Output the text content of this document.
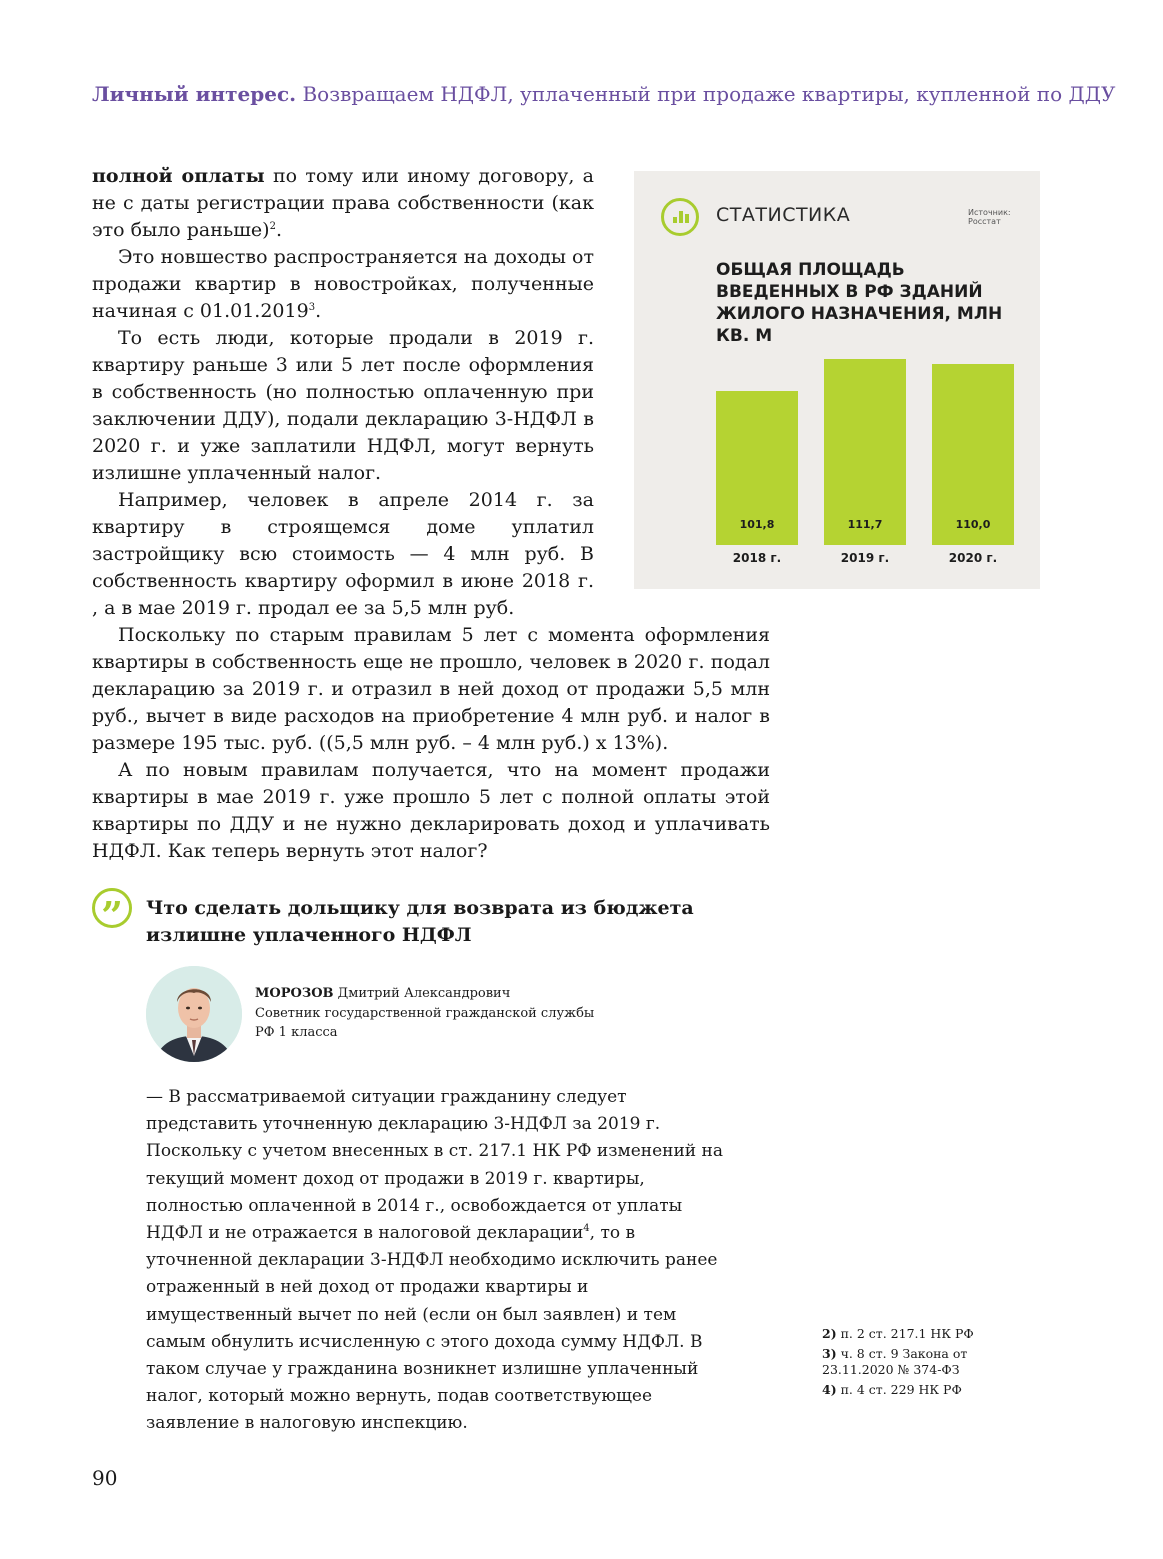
Личный интерес. Возвращаем НДФЛ, уплаченный при продаже квартиры, купленной по ДДУ

полной оплаты по тому или иному договору, а не с даты регистрации права собственности (как это было раньше)$^2$.

Это новшество распространяется на доходы от продажи квартир в новостройках, полученные начиная с 01.01.2019$^3$.

То есть люди, которые продали в 2019 г. квартиру раньше 3 или 5 лет после оформления в собственность (но полностью оплаченную при заключении ДДУ), подали декларацию 3-НДФЛ в 2020 г. и уже заплатили НДФЛ, могут вернуть излишне уплаченный налог.

Например, человек в апреле 2014 г. за квартиру в строящемся доме уплатил застройщику всю стоимость — 4 млн руб. В собственность квартиру оформил в июне 2018 г. , а в мае 2019 г. продал ее за 5,5 млн руб.

Поскольку по старым правилам 5 лет с момента оформления квартиры в собственность еще не прошло, человек в 2020 г. подал декларацию за 2019 г. и отразил в ней доход от продажи 5,5 млн руб., вычет в виде расходов на приобретение 4 млн руб. и налог в размере 195 тыс. руб. ((5,5 млн руб. – 4 млн руб.) х 13%).

А по новым правилам получается, что на момент продажи квартиры в мае 2019 г. уже прошло 5 лет с полной оплаты этой квартиры по ДДУ и не нужно декларировать доход и уплачивать НДФЛ. Как теперь вернуть этот налог?

СТАТИСТИКА	Источник: Росстат
ОБЩАЯ ПЛОЩАДЬ ВВЕДЕННЫХ В РФ ЗДАНИЙ ЖИЛОГО НАЗНАЧЕНИЯ, МЛН КВ. М
101,8	111,7	110,0
2018 г.	2019 г.	2020 г.
”	Что сделать дольщику для возврата из бюджета излишне уплаченного НДФЛ
МОРОЗОВ Дмитрий Александрович
Советник государственной гражданской службы РФ 1 класса
— В рассматриваемой ситуации гражданину следует представить уточненную декларацию 3-НДФЛ за 2019 г. Поскольку с учетом внесенных в ст. 217.1 НК РФ изменений на текущий момент доход от продажи в 2019 г. квартиры, полностью оплаченной в 2014 г., освобождается от уплаты НДФЛ и не отражается в налоговой декларации$^4$, то в уточненной декларации 3-НДФЛ необходимо исключить ранее отраженный в ней доход от продажи квартиры и имущественный вычет по ней (если он был заявлен) и тем самым обнулить исчисленную с этого дохода сумму НДФЛ. В таком случае у гражданина возникнет излишне уплаченный налог, который можно вернуть, подав соответствующее заявление в налоговую инспекцию.
2) п. 2 ст. 217.1 НК РФ
3) ч. 8 ст. 9 Закона от 23.11.2020 № 374-ФЗ
4) п. 4 ст. 229 НК РФ
90
